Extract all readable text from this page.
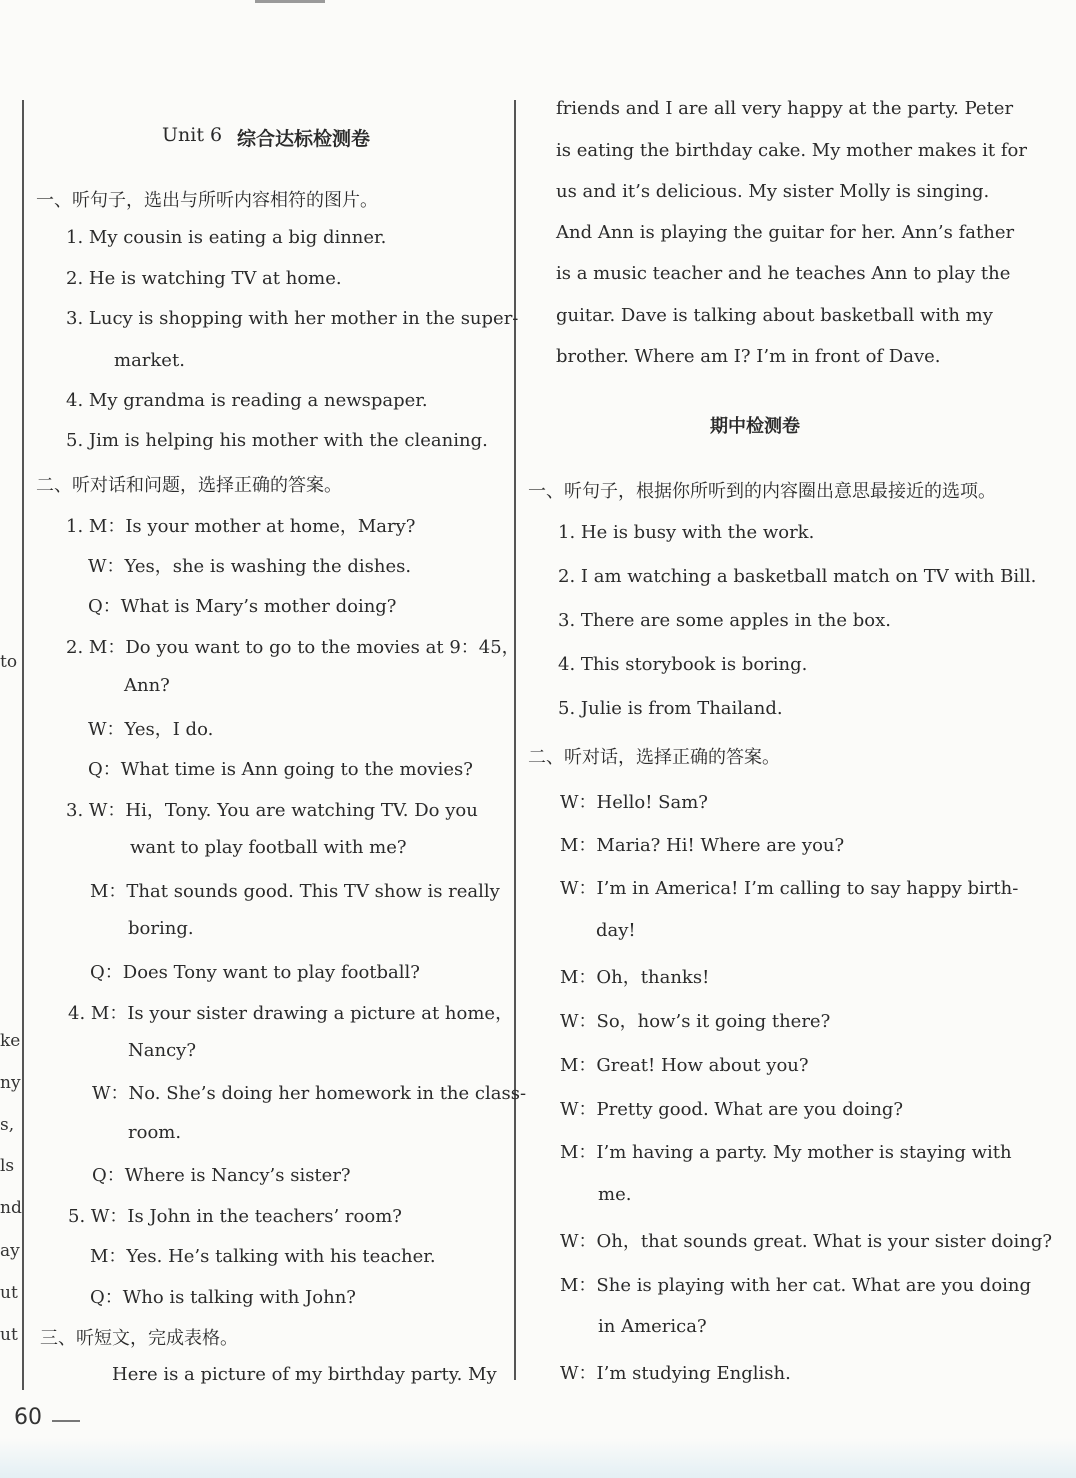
to
ke
ny
s,
ls
nd
ay
ut
ut
Unit 6 综合达标检测卷
一、听句子，选出与所听内容相符的图片。
1. My cousin is eating a big dinner.
2. He is watching TV at home.
3. Lucy is shopping with her mother in the super-
market.
4. My grandma is reading a newspaper.
5. Jim is helping his mother with the cleaning.
二、听对话和问题，选择正确的答案。
1. M：Is your mother at home，Mary?
W：Yes，she is washing the dishes.
Q：What is Mary’s mother doing?
2. M：Do you want to go to the movies at 9：45，
Ann?
W：Yes，I do.
Q：What time is Ann going to the movies?
3. W：Hi，Tony. You are watching TV. Do you
want to play football with me?
M：That sounds good. This TV show is really
boring.
Q：Does Tony want to play football?
4. M：Is your sister drawing a picture at home，
Nancy?
W：No. She’s doing her homework in the class-
room.
Q：Where is Nancy’s sister?
5. W：Is John in the teachers’ room?
M：Yes. He’s talking with his teacher.
Q：Who is talking with John?
三、听短文，完成表格。
Here is a picture of my birthday party. My
friends and I are all very happy at the party. Peter
is eating the birthday cake. My mother makes it for
us and it’s delicious. My sister Molly is singing.
And Ann is playing the guitar for her. Ann’s father
is a music teacher and he teaches Ann to play the
guitar. Dave is talking about basketball with my
brother. Where am I? I’m in front of Dave.
期中检测卷
一、听句子，根据你所听到的内容圈出意思最接近的选项。
1. He is busy with the work.
2. I am watching a basketball match on TV with Bill.
3. There are some apples in the box.
4. This storybook is boring.
5. Julie is from Thailand.
二、听对话，选择正确的答案。
W：Hello! Sam?
M：Maria? Hi! Where are you?
W：I’m in America! I’m calling to say happy birth-
day!
M：Oh，thanks!
W：So，how’s it going there?
M：Great! How about you?
W：Pretty good. What are you doing?
M：I’m having a party. My mother is staying with
me.
W：Oh，that sounds great. What is your sister doing?
M：She is playing with her cat. What are you doing
in America?
W：I’m studying English.
60
